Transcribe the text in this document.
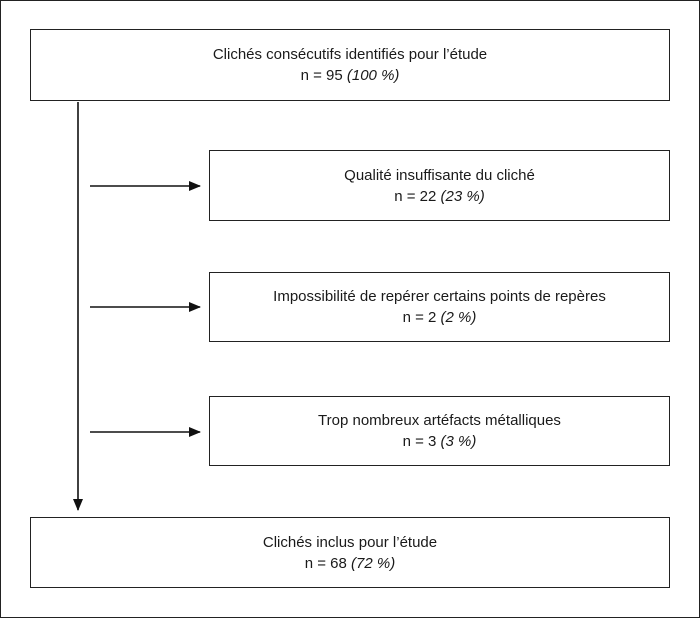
Clichés consécutifs identifiés pour l’étude
n = 95 (100 %)
Qualité insuffisante du cliché
n = 22 (23 %)
Impossibilité de repérer certains points de repères
n = 2 (2 %)
Trop nombreux artéfacts métalliques
n = 3 (3 %)
Clichés inclus pour l’étude
n = 68 (72 %)
